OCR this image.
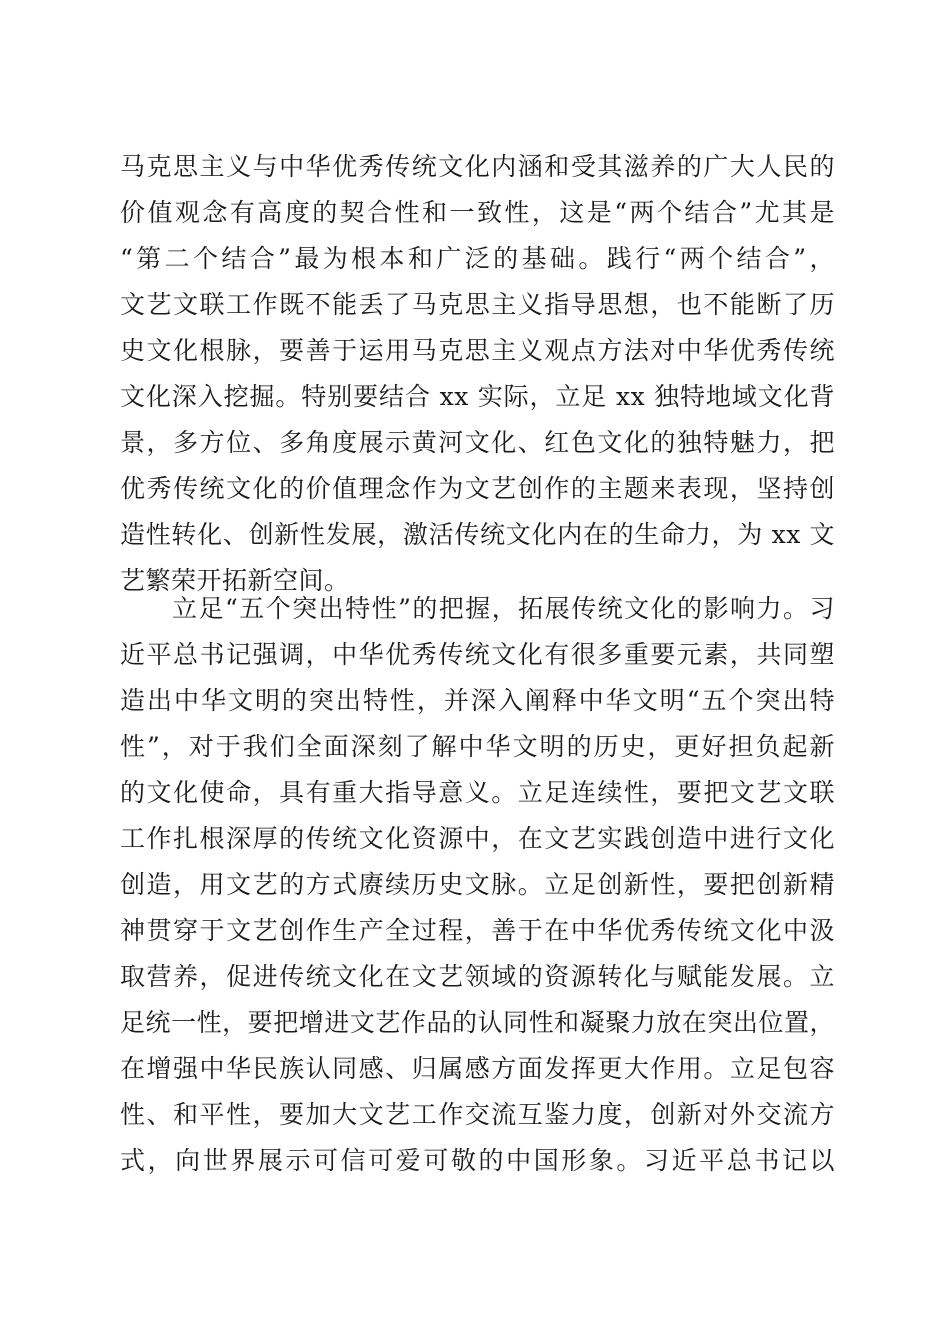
马克思主义与中华优秀传统文化内涵和受其滋养的广大人民的
价值观念有高度的契合性和一致性，这是“两个结合”尤其是
“第二个结合”最为根本和广泛的基础。践行“两个结合”，
文艺文联工作既不能丢了马克思主义指导思想，也不能断了历
史文化根脉，要善于运用马克思主义观点方法对中华优秀传统
文化深入挖掘。特别要结合 xx 实际，立足 xx 独特地域文化背
景，多方位、多角度展示黄河文化、红色文化的独特魅力，把
优秀传统文化的价值理念作为文艺创作的主题来表现，坚持创
造性转化、创新性发展，激活传统文化内在的生命力，为 xx 文
艺繁荣开拓新空间。
立足“五个突出特性”的把握，拓展传统文化的影响力。习
近平总书记强调，中华优秀传统文化有很多重要元素，共同塑
造出中华文明的突出特性，并深入阐释中华文明“五个突出特
性”，对于我们全面深刻了解中华文明的历史，更好担负起新
的文化使命，具有重大指导意义。立足连续性，要把文艺文联
工作扎根深厚的传统文化资源中，在文艺实践创造中进行文化
创造，用文艺的方式赓续历史文脉。立足创新性，要把创新精
神贯穿于文艺创作生产全过程，善于在中华优秀传统文化中汲
取营养，促进传统文化在文艺领域的资源转化与赋能发展。立
足统一性，要把增进文艺作品的认同性和凝聚力放在突出位置，
在增强中华民族认同感、归属感方面发挥更大作用。立足包容
性、和平性，要加大文艺工作交流互鉴力度，创新对外交流方
式，向世界展示可信可爱可敬的中国形象。习近平总书记以
